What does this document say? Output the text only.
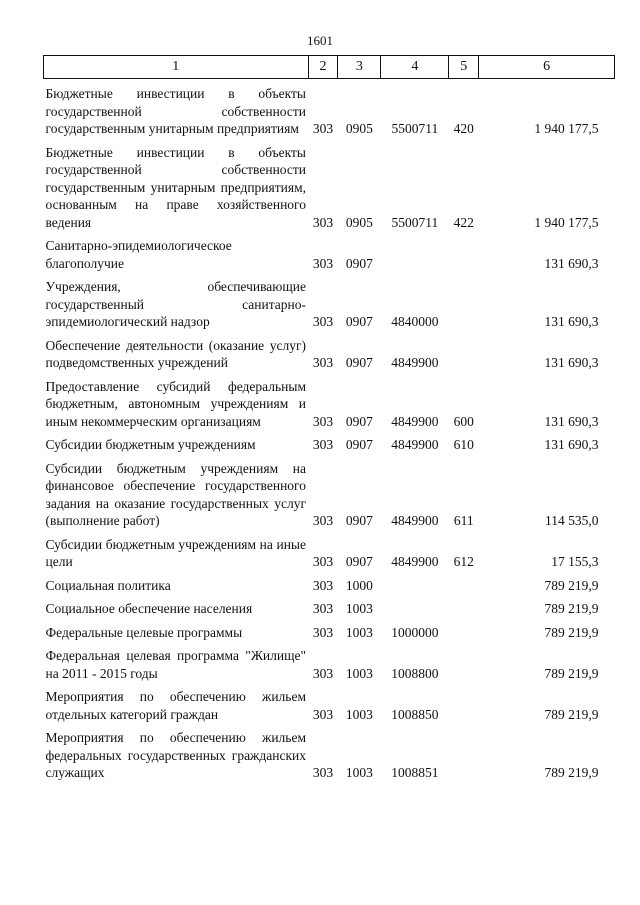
1601
1	2	3	4	5	6

Бюджетные инвестиции в объекты государственной собственности государственным унитарным предприятиям	303	0905	5500711	420	1 940 177,5

Бюджетные инвестиции в объекты государственной собственности государственным унитарным предприятиям, основанным на праве хозяйственного ведения	303	0905	5500711	422	1 940 177,5

Санитарно-эпидемиологическое благополучие	303	0907			131 690,3

Учреждения, обеспечивающие государственный санитарно-эпидемиологический надзор	303	0907	4840000		131 690,3

Обеспечение деятельности (оказание услуг) подведомственных учреждений	303	0907	4849900		131 690,3

Предоставление субсидий федеральным бюджетным, автономным учреждениям и иным некоммерческим организациям	303	0907	4849900	600	131 690,3

Субсидии бюджетным учреждениям	303	0907	4849900	610	131 690,3

Субсидии бюджетным учреждениям на финансовое обеспечение государственного задания на оказание государственных услуг (выполнение работ)	303	0907	4849900	611	114 535,0

Субсидии бюджетным учреждениям на иные цели	303	0907	4849900	612	17 155,3

Социальная политика	303	1000			789 219,9

Социальное обеспечение населения	303	1003			789 219,9

Федеральные целевые программы	303	1003	1000000		789 219,9

Федеральная целевая программа "Жилище" на 2011 - 2015 годы	303	1003	1008800		789 219,9

Мероприятия по обеспечению жильем отдельных категорий граждан	303	1003	1008850		789 219,9

Мероприятия по обеспечению жильем федеральных государственных гражданских служащих	303	1003	1008851		789 219,9
